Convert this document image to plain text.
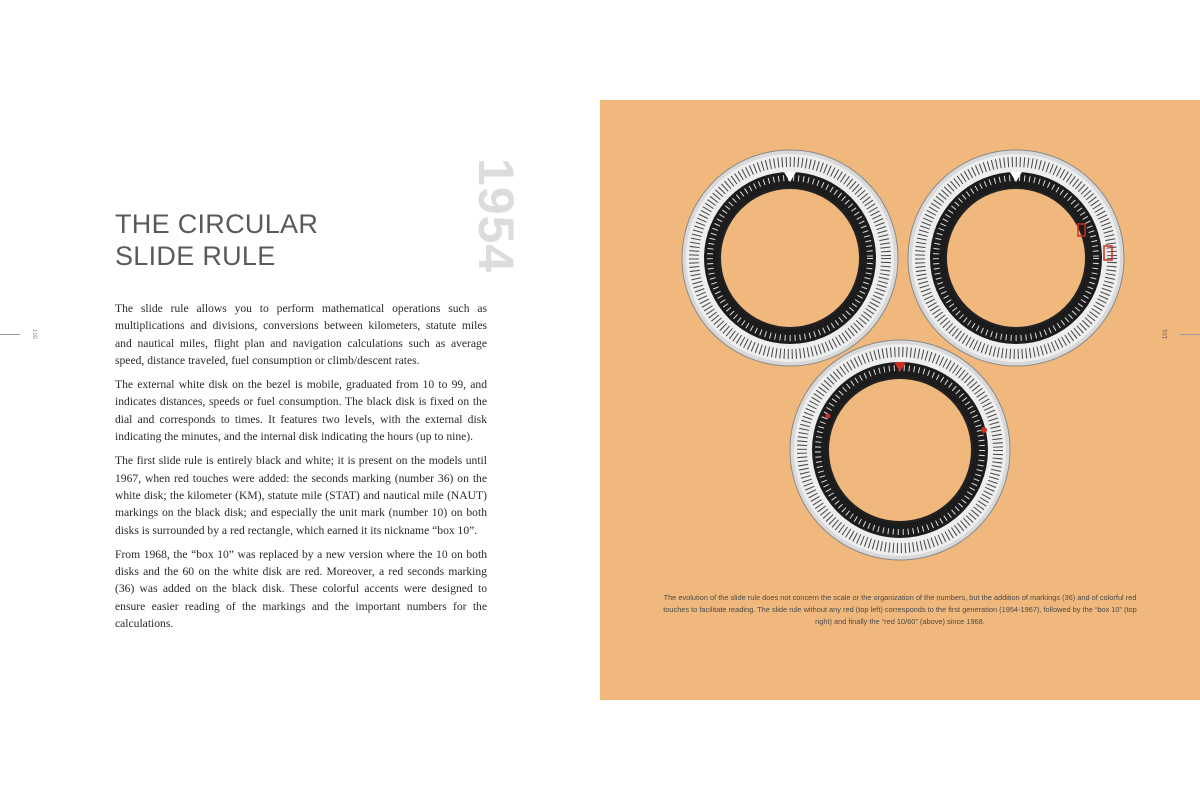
THE CIRCULAR
SLIDE RULE	1954

The slide rule allows you to perform mathematical operations such as multiplications and divisions, conversions between kilometers, statute miles and nautical miles, flight plan and navigation calculations such as average speed, distance traveled, fuel consumption or climb/descent rates.

The external white disk on the bezel is mobile, graduated from 10 to 99, and indicates distances, speeds or fuel consumption. The black disk is fixed on the dial and corresponds to times. It features two levels, with the external disk indicating the minutes, and the internal disk indicating the hours (up to nine).

The first slide rule is entirely black and white; it is present on the models until 1967, when red touches were added: the seconds marking (number 36) on the white disk; the kilometer (KM), statute mile (STAT) and nautical mile (NAUT) markings on the black disk; and especially the unit mark (number 10) on both disks is surrounded by a red rectangle, which earned it its nickname “box 10”.

From 1968, the “box 10” was replaced by a new version where the 10 on both disks and the 60 on the white disk are red. Moreover, a red seconds marking (36) was added on the black disk. These colorful accents were designed to ensure easier reading of the markings and the important numbers for the calculations.

100

The evolution of the slide rule does not concern the scale or the organization of the numbers, but the addition of markings (36) and of colorful red touches to facilitate reading. The slide rule without any red (top left) corresponds to the first generation (1954-1967), followed by the “box 10” (top right) and finally the “red 10/60” (above) since 1968.

101
